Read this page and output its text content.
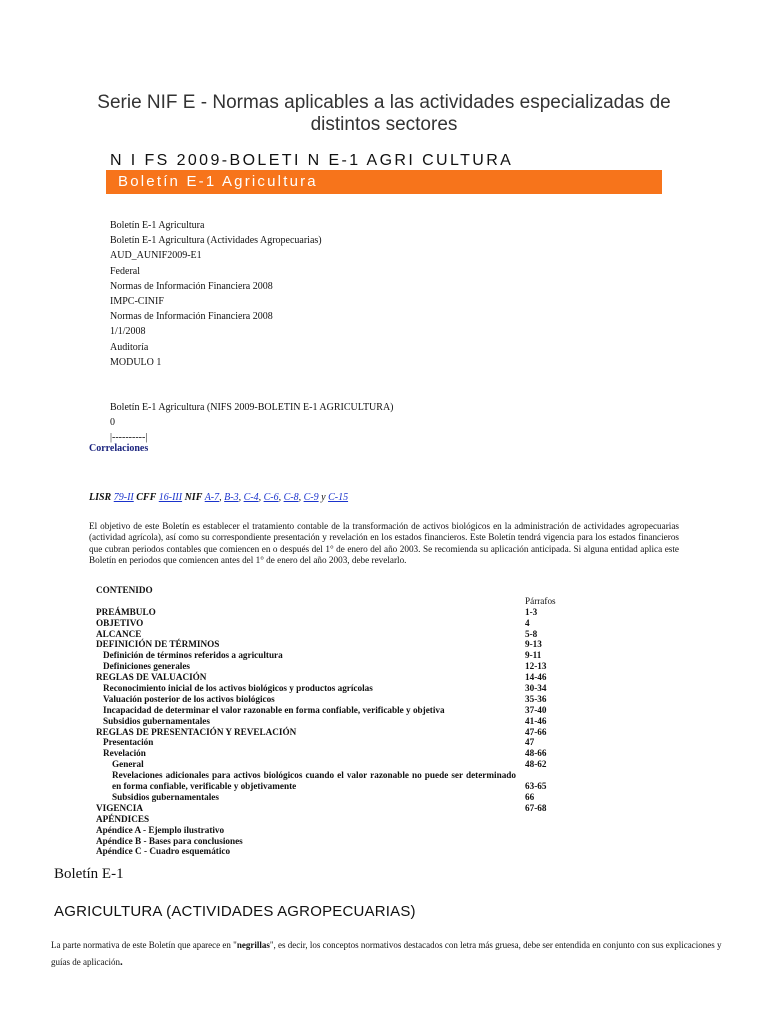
Serie NIF E - Normas aplicables a las actividades especializadas de
distintos sectores
N I FS 2009-BOLETI N E-1 AGRI CULTURA
Boletín E-1 Agricultura
Boletín E-1 Agricultura
Boletín E-1 Agricultura (Actividades Agropecuarias)
AUD_AUNIF2009-E1
Federal
Normas de Información Financiera 2008
IMPC-CINIF
Normas de Información Financiera 2008
1/1/2008
Auditoría
MODULO 1
Boletín E-1 Agricultura (NIFS 2009-BOLETIN E-1 AGRICULTURA)
0
|----------|
Correlaciones
LISR 79-II CFF 16-III NIF A-7, B-3, C-4, C-6, C-8, C-9 y C-15
El objetivo de este Boletín es establecer el tratamiento contable de la transformación de activos biológicos en la administración de actividades agropecuarias (actividad agrícola), así como su correspondiente presentación y revelación en los estados financieros. Este Boletín tendrá vigencia para los estados financieros que cubran periodos contables que comiencen en o después del 1° de enero del año 2003. Se recomienda su aplicación anticipada. Si alguna entidad aplica este Boletín en periodos que comiencen antes del 1° de enero del año 2003, debe revelarlo.
CONTENIDO
Párrafos
PREÁMBULO	1-3
OBJETIVO	4
ALCANCE	5-8
DEFINICIÓN DE TÉRMINOS	9-13
Definición de términos referidos a agricultura	9-11
Definiciones generales	12-13
REGLAS DE VALUACIÓN	14-46
Reconocimiento inicial de los activos biológicos y productos agrícolas	30-34
Valuación posterior de los activos biológicos	35-36
Incapacidad de determinar el valor razonable en forma confiable, verificable y objetiva	37-40
Subsidios gubernamentales	41-46
REGLAS DE PRESENTACIÓN Y REVELACIÓN	47-66
Presentación	47
Revelación	48-66
General	48-62
Revelaciones adicionales para activos biológicos cuando el valor razonable no puede ser determinado en forma confiable, verificable y objetivamente	63-65
Subsidios gubernamentales	66
VIGENCIA	67-68
APÉNDICES
Apéndice A - Ejemplo ilustrativo
Apéndice B - Bases para conclusiones
Apéndice C - Cuadro esquemático
Boletín E-1
AGRICULTURA (ACTIVIDADES AGROPECUARIAS)
La parte normativa de este Boletín que aparece en "negrillas", es decir, los conceptos normativos destacados con letra más gruesa, debe ser entendida en conjunto con sus explicaciones y guías de aplicación.
